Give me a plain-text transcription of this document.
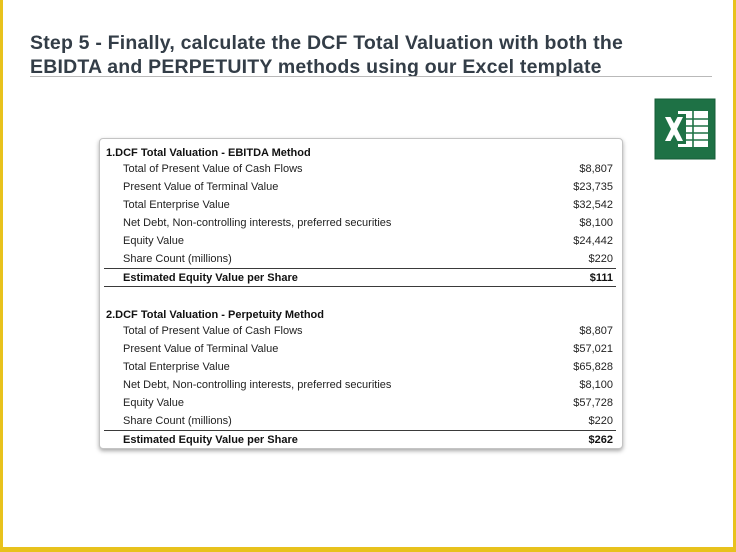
Step 5 - Finally, calculate the DCF Total Valuation with both the
EBIDTA and PERPETUITY methods using our Excel template
1.DCF Total Valuation - EBITDA Method
Total of Present Value of Cash Flows	$8,807
Present Value of Terminal Value	$23,735
Total Enterprise Value	$32,542
Net Debt, Non-controlling interests, preferred securities	$8,100
Equity Value	$24,442
Share Count (millions)	$220
Estimated Equity Value per Share	$111
2.DCF Total Valuation - Perpetuity Method
Total of Present Value of Cash Flows	$8,807
Present Value of Terminal Value	$57,021
Total Enterprise Value	$65,828
Net Debt, Non-controlling interests, preferred securities	$8,100
Equity Value	$57,728
Share Count (millions)	$220
Estimated Equity Value per Share	$262
